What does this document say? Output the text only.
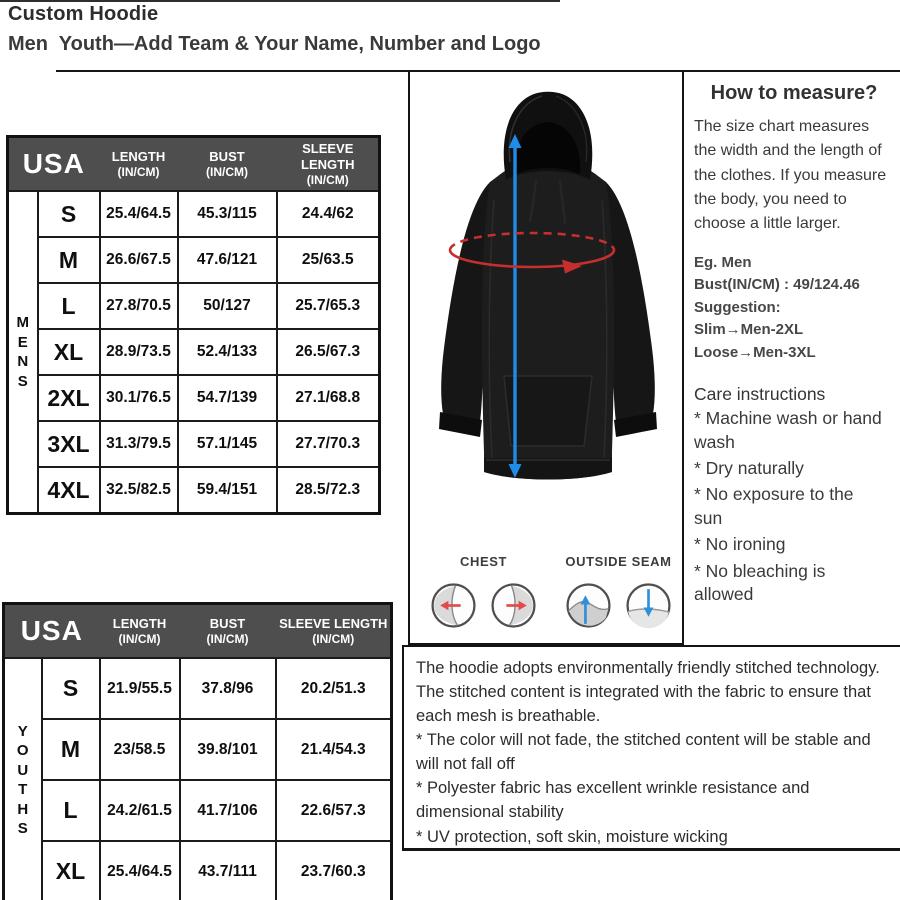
Custom Hoodie
Men  Youth—Add Team & Your Name, Number and Logo
USA	LENGTH
(IN/CM)

BUST
(IN/CM)

SLEEVE LENGTH
(IN/CM)

M
E
N
S	S	25.4/64.5	45.3/115	24.4/62
	M	26.6/67.5	47.6/121	25/63.5
	L	27.8/70.5	50/127	25.7/65.3
	XL	28.9/73.5	52.4/133	26.5/67.3
	2XL	30.1/76.5	54.7/139	27.1/68.8
	3XL	31.3/79.5	57.1/145	27.7/70.3
	4XL	32.5/82.5	59.4/151	28.5/72.3
USA	LENGTH
(IN/CM)

BUST
(IN/CM)

SLEEVE LENGTH
(IN/CM)

Y
O
U
T
H
S	S	21.9/55.5	37.8/96	20.2/51.3
	M	23/58.5	39.8/101	21.4/54.3
	L	24.2/61.5	41.7/106	22.6/57.3
	XL	25.4/64.5	43.7/111	23.7/60.3
CHEST	OUTSIDE SEAM
How to measure?

The size chart measures the width and the length of the clothes. If you measure the body, you need to choose a little larger.

Eg. Men
Bust(IN/CM) : 49/124.46
Suggestion:
Slim→Men-2XL
Loose→Men-3XL
Care instructions
* Machine wash or hand wash
* Dry naturally
* No exposure to the sun
* No ironing
* No bleaching is allowed

The hoodie adopts environmentally friendly stitched technology. The stitched content is integrated with the fabric to ensure that each mesh is breathable.

* The color will not fade, the stitched content will be stable and will not fall off
* Polyester fabric has excellent wrinkle resistance and dimensional stability
* UV protection, soft skin, moisture wicking
